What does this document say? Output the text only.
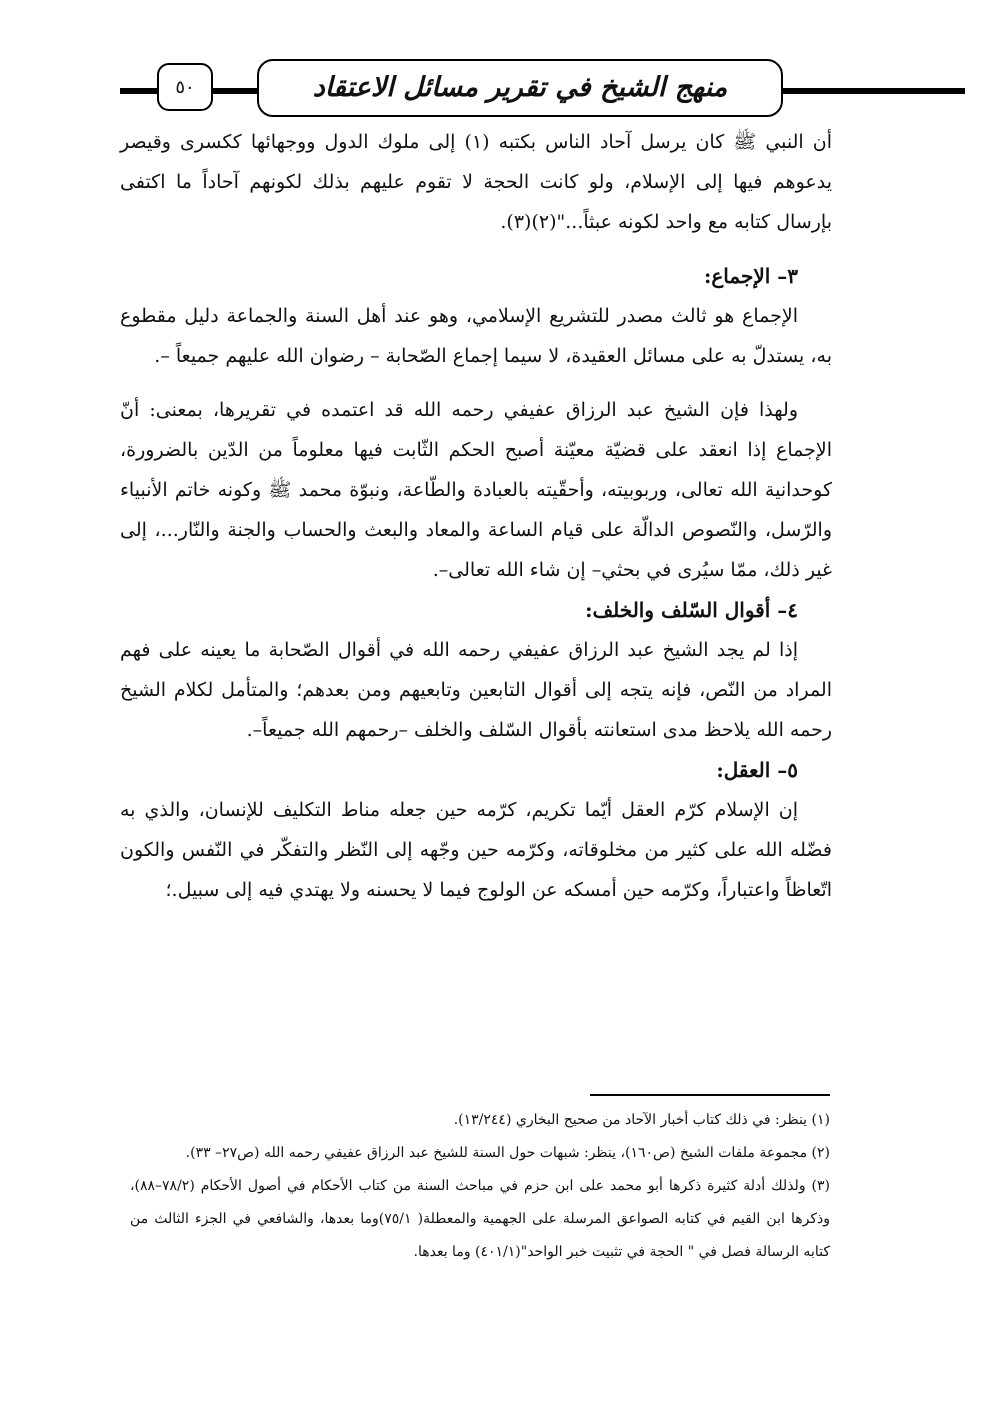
٥٠	منهج الشيخ في تقرير مسائل الاعتقاد

أن النبي ﷺ كان يرسل آحاد الناس بكتبه (١) إلى ملوك الدول ووجهائها ككسرى وقيصر يدعوهم فيها إلى الإسلام، ولو كانت الحجة لا تقوم عليهم بذلك لكونهم آحاداً ما اكتفى بإرسال كتابه مع واحد لكونه عبثاً..."(٢)(٣).

٣– الإجماع:

الإجماع هو ثالث مصدر للتشريع الإسلامي، وهو عند أهل السنة والجماعة دليل مقطوع به، يستدلّ به على مسائل العقيدة، لا سيما إجماع الصّحابة – رضوان الله عليهم جميعاً –.

ولهذا فإن الشيخ عبد الرزاق عفيفي رحمه الله قد اعتمده في تقريرها، بمعنى: أنّ الإجماع إذا انعقد على قضيّة معيّنة أصبح الحكم الثّابت فيها معلوماً من الدّين بالضرورة، كوحدانية الله تعالى، وربوبيته، وأحقّيته بالعبادة والطّاعة، ونبوّة محمد ﷺ وكونه خاتم الأنبياء والرّسل، والنّصوص الدالّة على قيام الساعة والمعاد والبعث والحساب والجنة والنّار...، إلى غير ذلك، ممّا سيُرى في بحثي– إن شاء الله تعالى–.

٤– أقوال السّلف والخلف:

إذا لم يجد الشيخ عبد الرزاق عفيفي رحمه الله في أقوال الصّحابة ما يعينه على فهم المراد من النّص، فإنه يتجه إلى أقوال التابعين وتابعيهم ومن بعدهم؛ والمتأمل لكلام الشيخ رحمه الله يلاحظ مدى استعانته بأقوال السّلف والخلف –رحمهم الله جميعاً–.

٥– العقل:

إن الإسلام كرّم العقل أيّما تكريم، كرّمه حين جعله مناط التكليف للإنسان، والذي به فضّله الله على كثير من مخلوقاته، وكرّمه حين وجّهه إلى النّظر والتفكّر في النّفس والكون اتّعاظاً واعتباراً، وكرّمه حين أمسكه عن الولوج فيما لا يحسنه ولا يهتدي فيه إلى سبيل.؛

(١) ينظر: في ذلك كتاب أخبار الآحاد من صحيح البخاري (١٣/٢٤٤).

(٢) مجموعة ملفات الشيخ (ص١٦٠)، ينظر: شبهات حول السنة للشيخ عبد الرزاق عفيفي رحمه الله (ص٢٧– ٣٣).

(٣) ولذلك أدلة كثيرة ذكرها أبو محمد على ابن حزم في مباحث السنة من كتاب الأحكام في أصول الأحكام (٧٨/٢–٨٨)، وذكرها ابن القيم في كتابه الصواعق المرسلة على الجهمية والمعطلة( ٧٥/١)وما بعدها، والشافعي في الجزء الثالث من كتابه الرسالة فصل في " الحجة في تثبيت خبر الواحد"(٤٠١/١) وما بعدها.
